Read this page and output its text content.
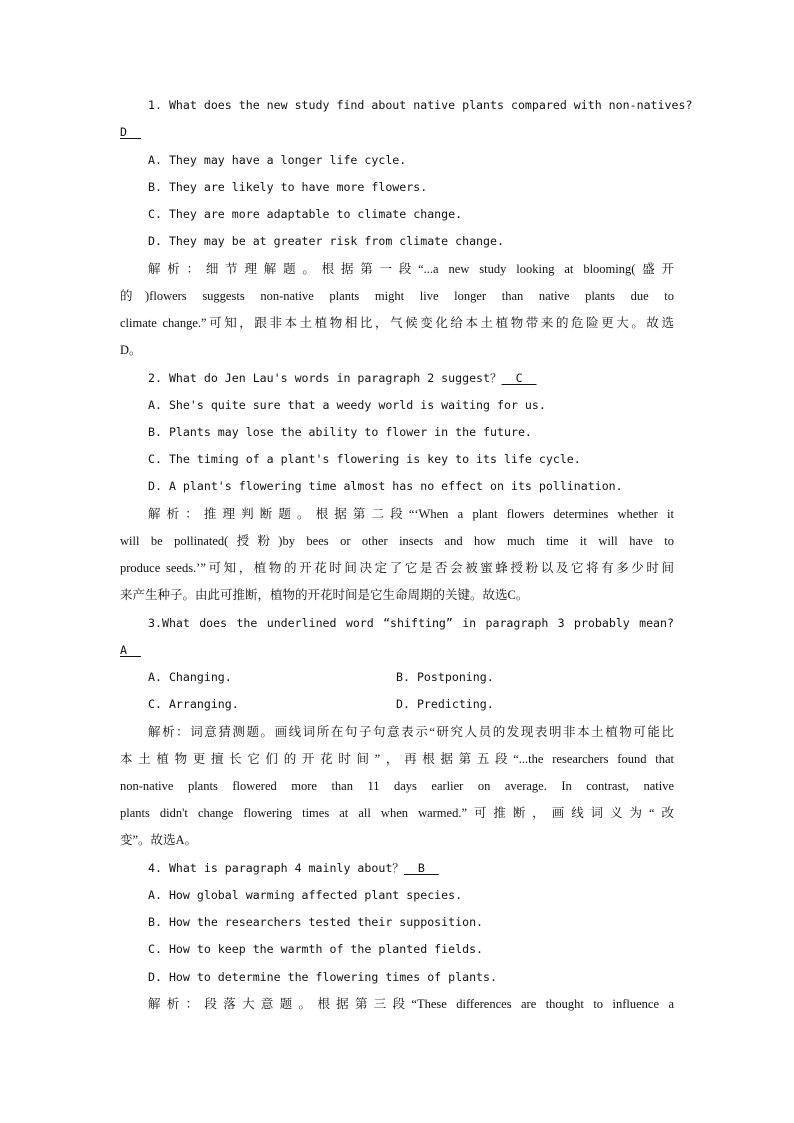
1. What does the new study find about native plants compared with non-natives?
D
A. They may have a longer life cycle.
B. They are likely to have more flowers.
C. They are more adaptable to climate change.
D. They may be at greater risk from climate change.
解析：细节理解题。根据第一段“...a new study looking at blooming(盛开
的)flowers suggests non-native plants might live longer than native plants due to
climate change.”可知，跟非本土植物相比，气候变化给本土植物带来的危险更大。故选
D。
2. What do Jen Lau's words in paragraph 2 suggest？  C
A. She's quite sure that a weedy world is waiting for us.
B. Plants may lose the ability to flower in the future.
C. The timing of a plant's flowering is key to its life cycle.
D. A plant's flowering time almost has no effect on its pollination.
解析：推理判断题。根据第二段“‘When a plant flowers determines whether it
will be pollinated(授粉)by bees or other insects and how much time it will have to
produce seeds.’”可知，植物的开花时间决定了它是否会被蜜蜂授粉以及它将有多少时间
来产生种子。由此可推断，植物的开花时间是它生命周期的关键。故选C。
3.What does the underlined word “shifting” in paragraph 3 probably mean?
A
A. Changing.	B. Postponing.
C. Arranging.	D. Predicting.
解析：词意猜测题。画线词所在句子句意表示“研究人员的发现表明非本土植物可能比
本土植物更擅长它们的开花时间”，再根据第五段“...the researchers found that
non-native plants flowered more than 11 days earlier on average. In contrast, native
plants didn't change flowering times at all when warmed.”可推断，画线词义为“改
变”。故选A。
4. What is paragraph 4 mainly about？  B
A. How global warming affected plant species.
B. How the researchers tested their supposition.
C. How to keep the warmth of the planted fields.
D. How to determine the flowering times of plants.
解析：段落大意题。根据第三段“These differences are thought to influence a
